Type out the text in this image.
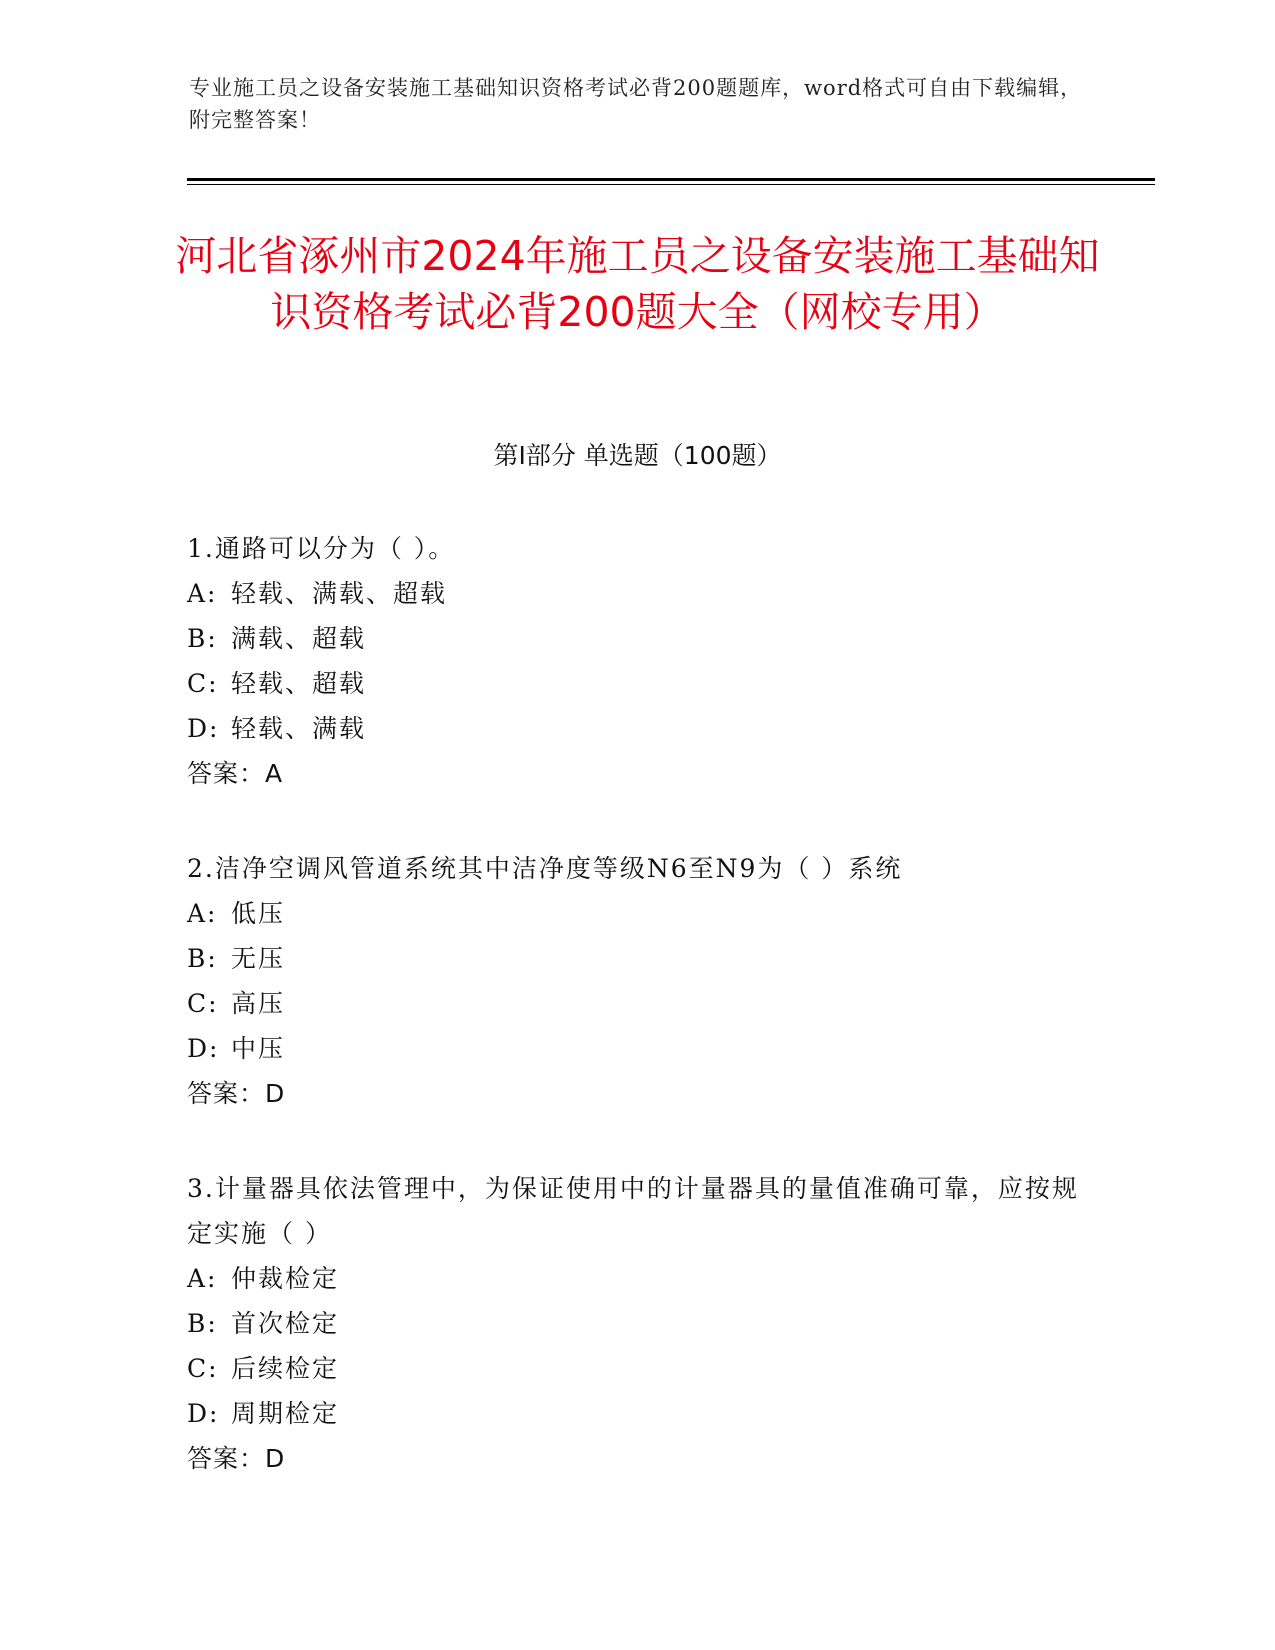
专业施工员之设备安装施工基础知识资格考试必背200题题库，word格式可自由下载编辑，附完整答案！
河北省涿州市2024年施工员之设备安装施工基础知识资格考试必背200题大全（网校专用）
第Ⅰ部分 单选题（100题）
1.通路可以分为（ ）。
A: 轻载、满载、超载
B: 满载、超载
C: 轻载、超载
D: 轻载、满载
答案：A
2.洁净空调风管道系统其中洁净度等级N6至N9为（ ）系统
A: 低压
B: 无压
C: 高压
D: 中压
答案：D
3.计量器具依法管理中，为保证使用中的计量器具的量值准确可靠，应按规定实施（ ）
A: 仲裁检定
B: 首次检定
C: 后续检定
D: 周期检定
答案：D
